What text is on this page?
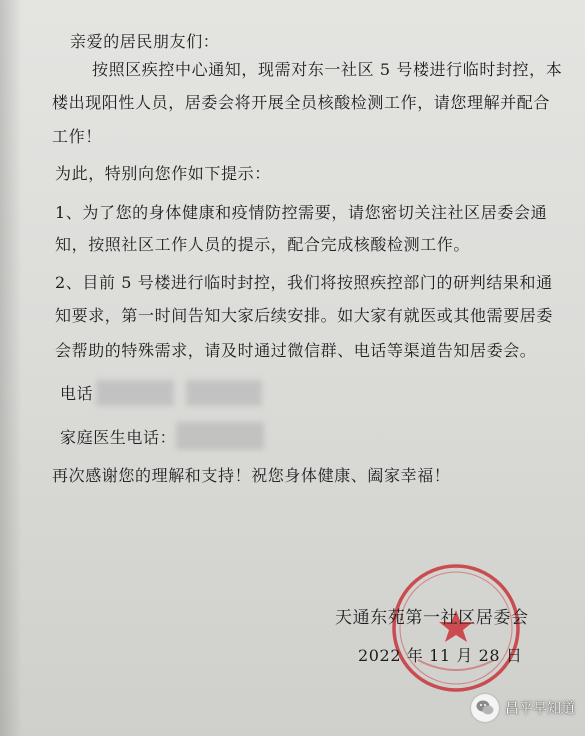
亲爱的居民朋友们：
按照区疾控中心通知，现需对东一社区 5 号楼进行临时封控，本
楼出现阳性人员，居委会将开展全员核酸检测工作，请您理解并配合
工作！
为此，特别向您作如下提示：
1、为了您的身体健康和疫情防控需要，请您密切关注社区居委会通
知，按照社区工作人员的提示，配合完成核酸检测工作。
2、目前 5 号楼进行临时封控，我们将按照疾控部门的研判结果和通
知要求，第一时间告知大家后续安排。如大家有就医或其他需要居委
会帮助的特殊需求，请及时通过微信群、电话等渠道告知居委会。
电话
家庭医生电话：
再次感谢您的理解和支持！祝您身体健康、阖家幸福！
天通东苑第一社区居委会
2022 年 11 月 28 日
昌平早知道
